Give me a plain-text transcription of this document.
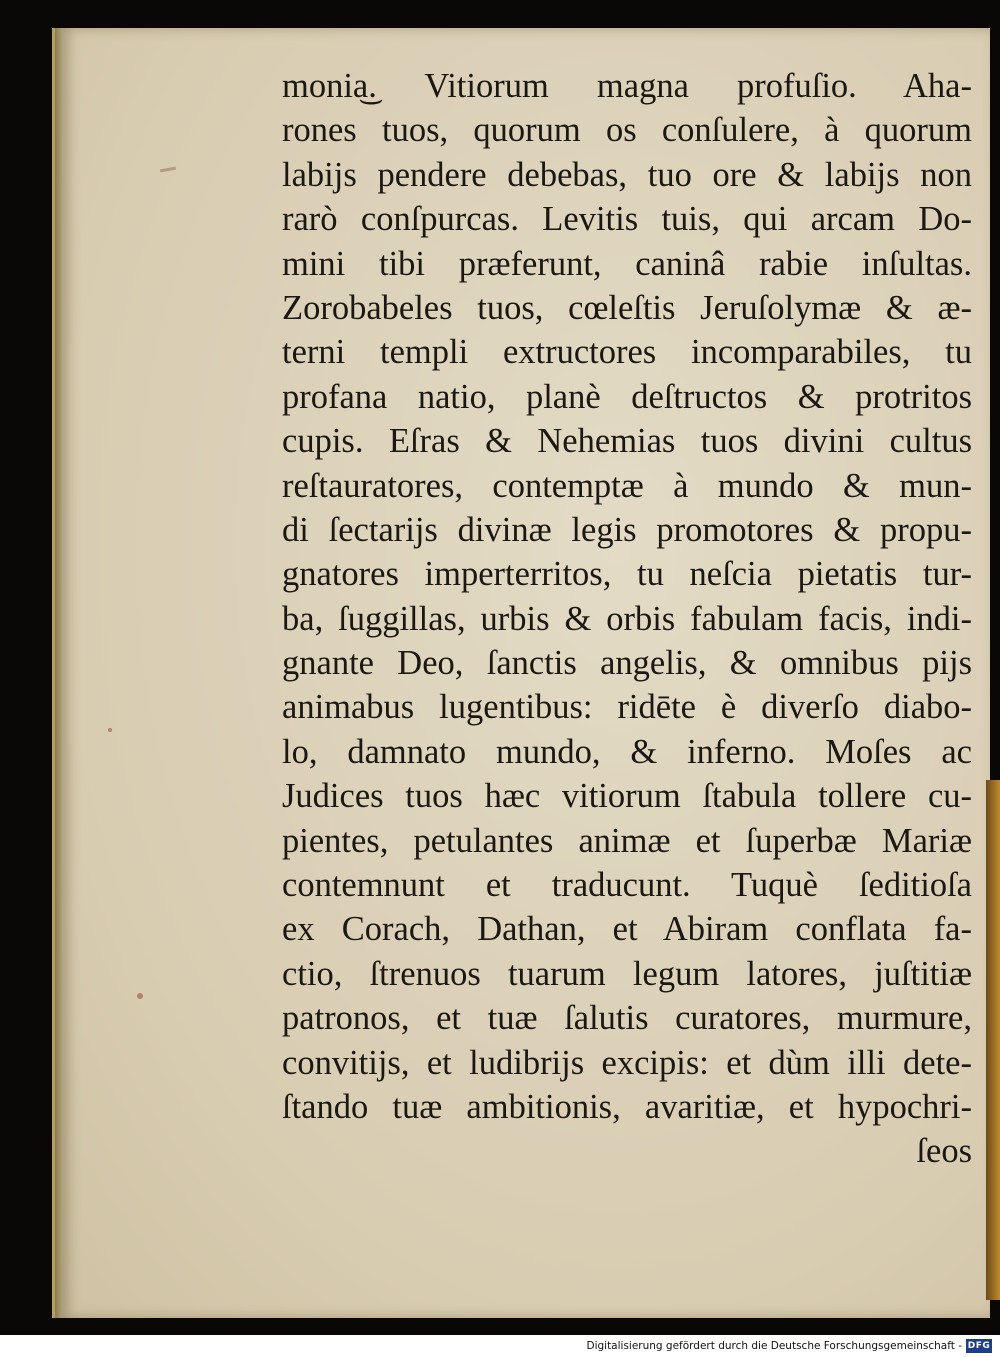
monia͜. Vitiorum magna profuſio. Aha-
rones tuos, quorum os conſulere, à quorum
labijs pendere debebas, tuo ore & labijs non
rarò conſpurcas. Levitis tuis, qui arcam Do-
mini tibi præferunt, caninâ rabie inſultas.
Zorobabeles tuos, cœleſtis Jeruſolymæ & æ-
terni templi extructores incomparabiles, tu
profana natio, planè deſtructos & protritos
cupis. Eſras & Nehemias tuos divini cultus
reſtauratores, contemptæ à mundo & mun-
di ſectarijs divinæ legis promotores & propu-
gnatores imperterritos, tu neſcia pietatis tur-
ba, ſuggillas, urbis & orbis fabulam facis, indi-
gnante Deo, ſanctis angelis, & omnibus pijs
animabus lugentibus: ridēte è diverſo diabo-
lo, damnato mundo, & inferno. Moſes ac
Judices tuos hæc vitiorum ſtabula tollere cu-
pientes, petulantes animæ et ſuperbæ Mariæ
contemnunt et traducunt. Tuquè ſeditioſa
ex Corach, Dathan, et Abiram conflata fa-
ctio, ſtrenuos tuarum legum latores, juſtitiæ
patronos, et tuæ ſalutis curatores, murmure,
convitijs, et ludibrijs excipis: et dùm illi dete-
ſtando tuæ ambitionis, avaritiæ, et hypochri-
ſeos
Digitalisierung gefördert durch die Deutsche Forschungsgemeinschaft - DFG
